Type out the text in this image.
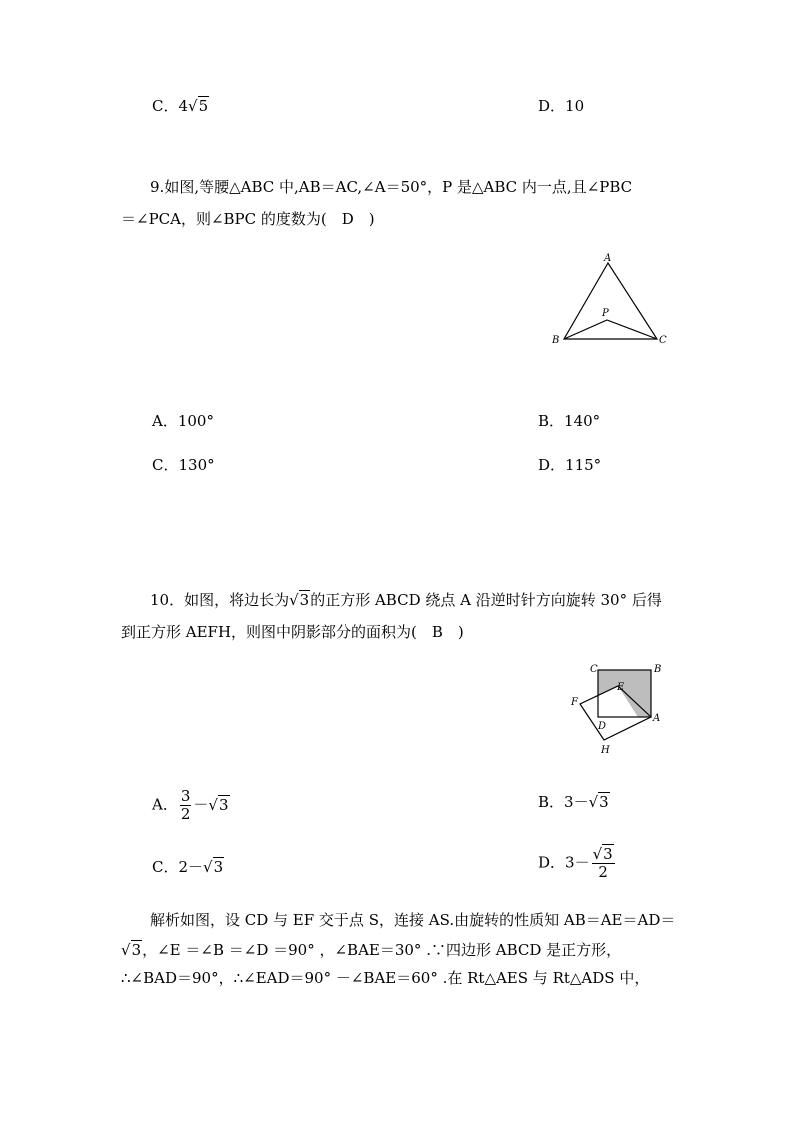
C．4√5	D．10
9.如图,等腰△ABC 中,AB＝AC,∠A＝50°，P 是△ABC 内一点,且∠PBC
＝∠PCA，则∠BPC 的度数为(　D　)
A
B	C
P
A．100°	B．140°
C．130°	D．115°
10．如图，将边长为√3的正方形 ABCD 绕点 A 沿逆时针方向旋转 30° 后得
到正方形 AEFH，则图中阴影部分的面积为(　B　)
C	B
A
D
E
F
H
A． $\frac{3}{2} -√3$	B．3－√3
C．2－√3	D．$3- \frac{√3}{2}$
解析如图，设 CD 与 EF 交于点 S，连接 AS.由旋转的性质知 AB＝AE＝AD＝
√3，∠E ＝∠B ＝∠D ＝90° ，∠BAE＝30° .∵四边形 ABCD 是正方形，
∴∠BAD＝90°，∴∠EAD＝90° －∠BAE＝60° .在 Rt△AES 与 Rt△ADS 中，
